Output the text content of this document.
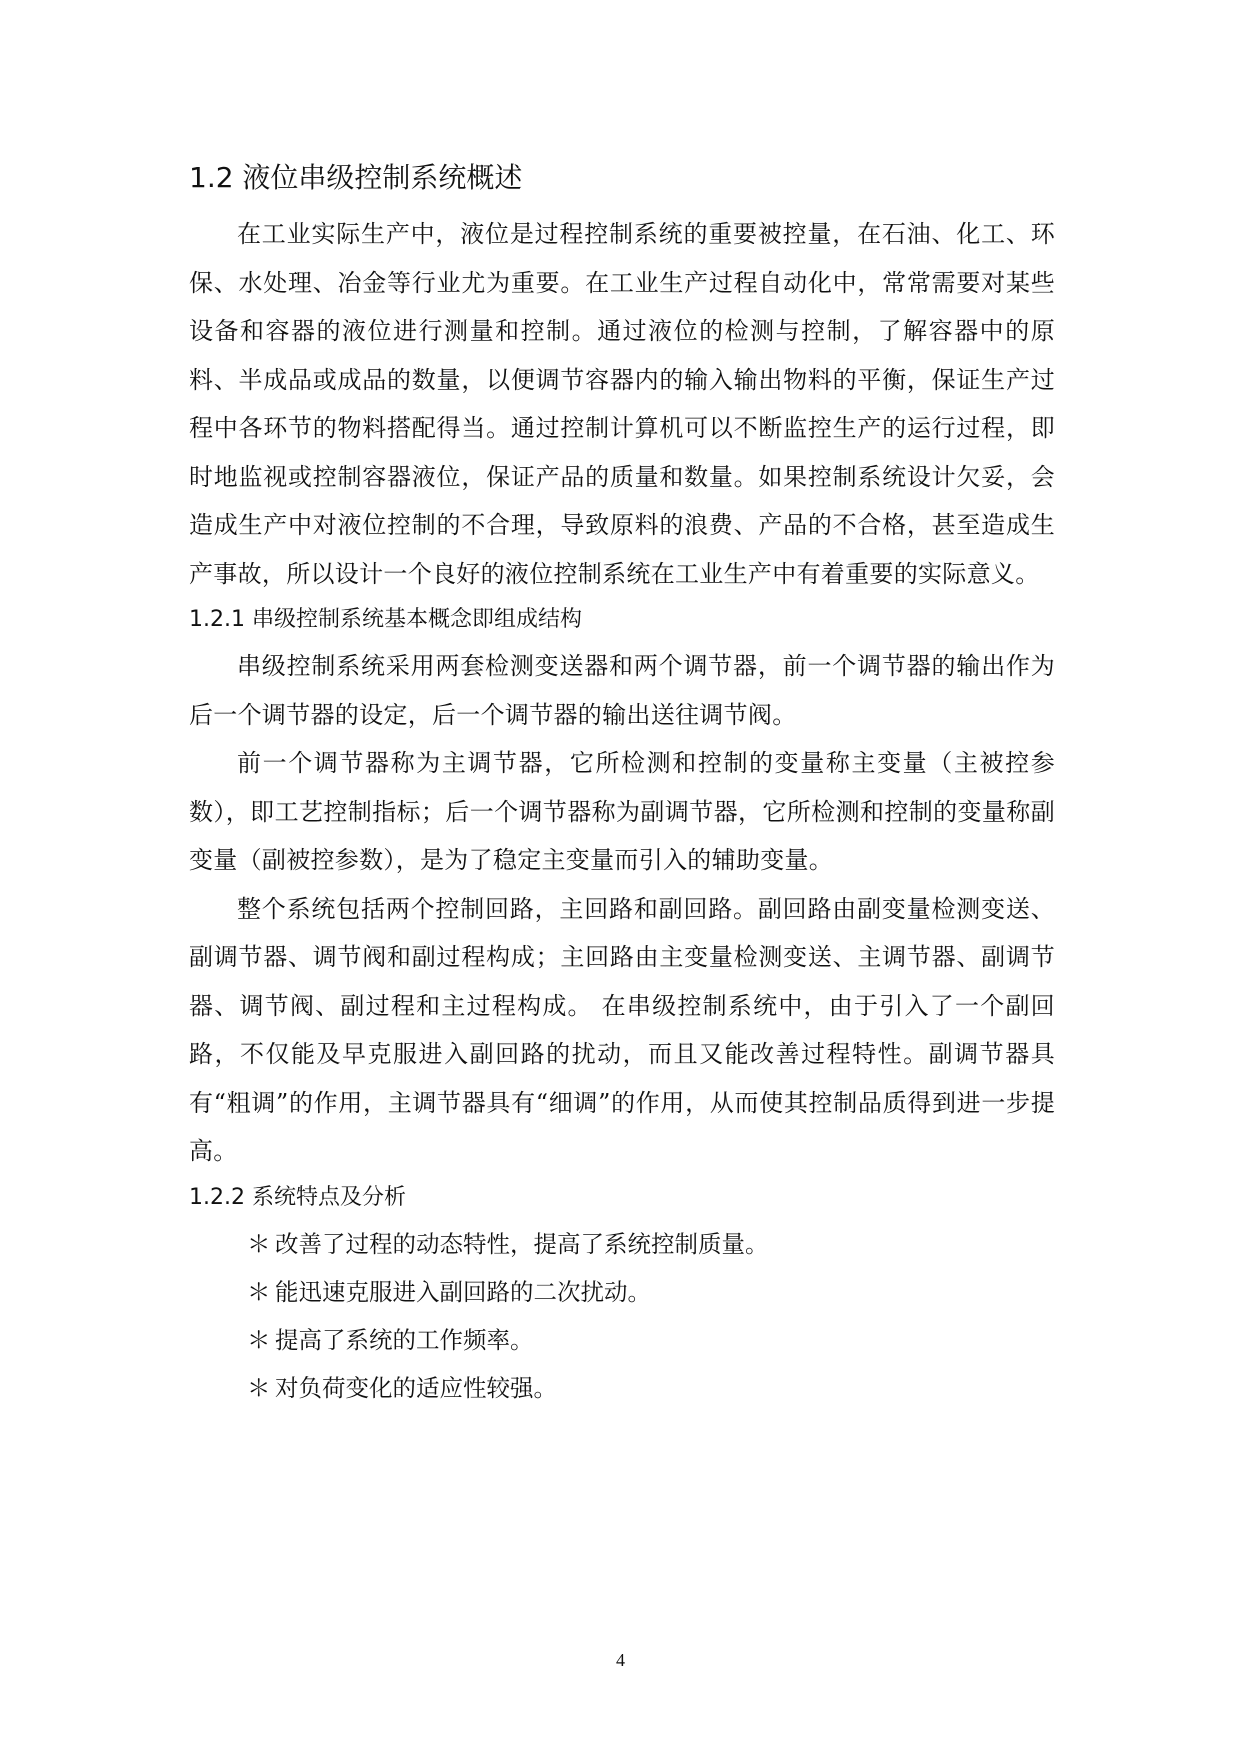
1.2 液位串级控制系统概述

在工业实际生产中，液位是过程控制系统的重要被控量，在石油、化工、环保、水处理、冶金等行业尤为重要。在工业生产过程自动化中，常常需要对某些设备和容器的液位进行测量和控制。通过液位的检测与控制，了解容器中的原料、半成品或成品的数量，以便调节容器内的输入输出物料的平衡，保证生产过程中各环节的物料搭配得当。通过控制计算机可以不断监控生产的运行过程，即时地监视或控制容器液位，保证产品的质量和数量。如果控制系统设计欠妥，会造成生产中对液位控制的不合理，导致原料的浪费、产品的不合格，甚至造成生产事故，所以设计一个良好的液位控制系统在工业生产中有着重要的实际意义。

1.2.1 串级控制系统基本概念即组成结构

串级控制系统采用两套检测变送器和两个调节器，前一个调节器的输出作为后一个调节器的设定，后一个调节器的输出送往调节阀。

前一个调节器称为主调节器，它所检测和控制的变量称主变量（主被控参数），即工艺控制指标；后一个调节器称为副调节器，它所检测和控制的变量称副变量（副被控参数），是为了稳定主变量而引入的辅助变量。

整个系统包括两个控制回路，主回路和副回路。副回路由副变量检测变送、副调节器、调节阀和副过程构成；主回路由主变量检测变送、主调节器、副调节器、调节阀、副过程和主过程构成。 在串级控制系统中，由于引入了一个副回路，不仅能及早克服进入副回路的扰动，而且又能改善过程特性。副调节器具有“粗调”的作用，主调节器具有“细调”的作用，从而使其控制品质得到进一步提高。

1.2.2 系统特点及分析

＊ 改善了过程的动态特性，提高了系统控制质量。

＊ 能迅速克服进入副回路的二次扰动。

＊ 提高了系统的工作频率。

＊ 对负荷变化的适应性较强。

4
